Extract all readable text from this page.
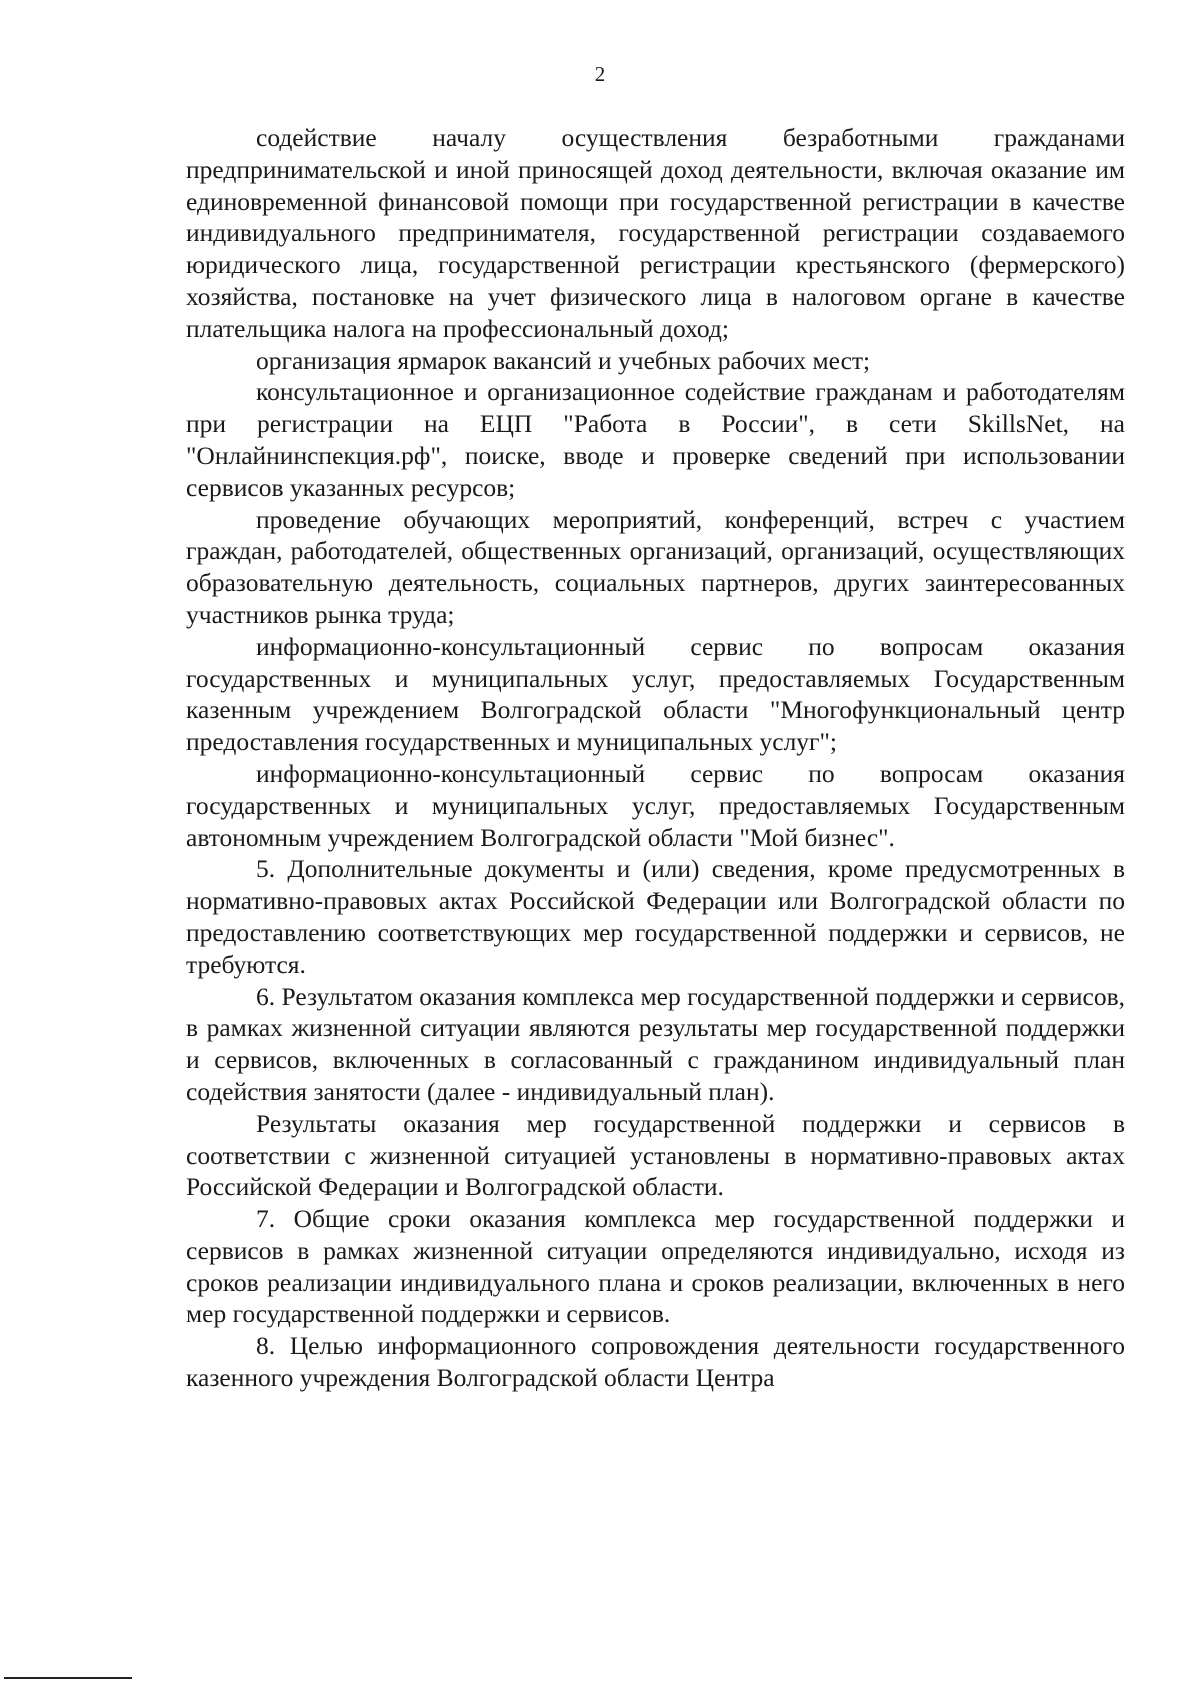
2

содействие началу осуществления безработными гражданами предпринимательской и иной приносящей доход деятельности, включая оказание им единовременной финансовой помощи при государственной регистрации в качестве индивидуального предпринимателя, государственной регистрации создаваемого юридического лица, государственной регистрации крестьянского (фермерского) хозяйства, постановке на учет физического лица в налоговом органе в качестве плательщика налога на профессиональный доход;

организация ярмарок вакансий и учебных рабочих мест;

консультационное и организационное содействие гражданам и работодателям при регистрации на ЕЦП "Работа в России", в сети SkillsNet, на "Онлайнинспекция.рф", поиске, вводе и проверке сведений при использовании сервисов указанных ресурсов;

проведение обучающих мероприятий, конференций, встреч с участием граждан, работодателей, общественных организаций, организаций, осуществляющих образовательную деятельность, социальных партнеров, других заинтересованных участников рынка труда;

информационно-консультационный сервис по вопросам оказания государственных и муниципальных услуг, предоставляемых Государственным казенным учреждением Волгоградской области "Многофункциональный центр предоставления государственных и муниципальных услуг";

информационно-консультационный сервис по вопросам оказания государственных и муниципальных услуг, предоставляемых Государственным автономным учреждением Волгоградской области "Мой бизнес".

5. Дополнительные документы и (или) сведения, кроме предусмотренных в нормативно-правовых актах Российской Федерации или Волгоградской области по предоставлению соответствующих мер государственной поддержки и сервисов, не требуются.

6. Результатом оказания комплекса мер государственной поддержки и сервисов, в рамках жизненной ситуации являются результаты мер государственной поддержки и сервисов, включенных в согласованный с гражданином индивидуальный план содействия занятости (далее - индивидуальный план).

Результаты оказания мер государственной поддержки и сервисов в соответствии с жизненной ситуацией установлены в нормативно-правовых актах Российской Федерации и Волгоградской области.

7. Общие сроки оказания комплекса мер государственной поддержки и сервисов в рамках жизненной ситуации определяются индивидуально, исходя из сроков реализации индивидуального плана и сроков реализации, включенных в него мер государственной поддержки и сервисов.

8. Целью информационного сопровождения деятельности государственного казенного учреждения Волгоградской области Центра
